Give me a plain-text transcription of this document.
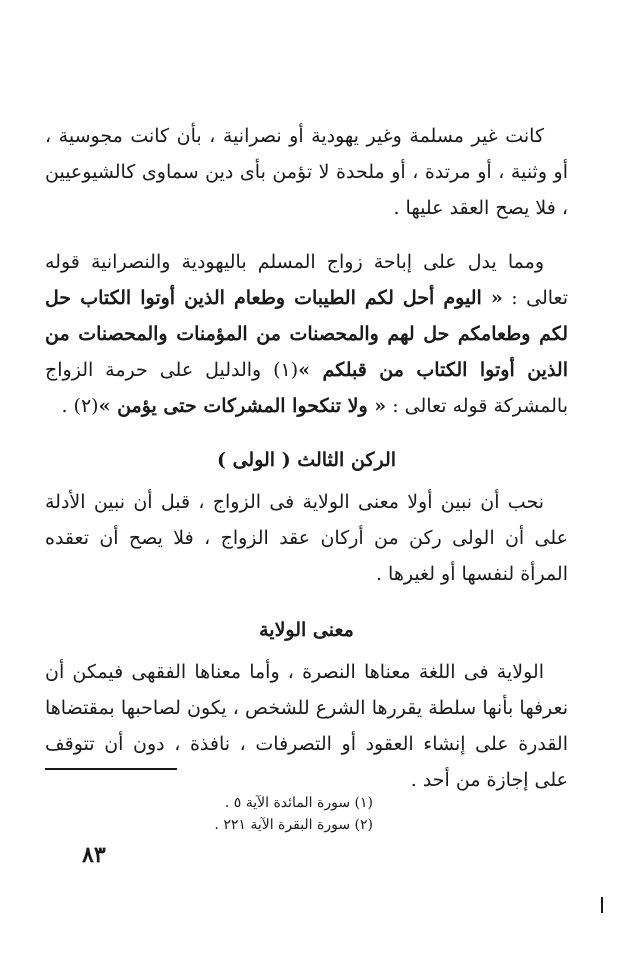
كانت غير مسلمة وغير يهودية أو نصرانية ، بأن كانت مجوسية ، أو وثنية ، أو مرتدة ، أو ملحدة لا تؤمن بأى دين سماوى كالشيوعيين ، فلا يصح العقد عليها .

ومما يدل على إباحة زواج المسلم باليهودية والنصرانية قوله تعالى : « اليوم أحل لكم الطيبات وطعام الذين أوتوا الكتاب حل لكم وطعامكم حل لهم والمحصنات من المؤمنات والمحصنات من الذين أوتوا الكتاب من قبلكم »(١) والدليل على حرمة الزواج بالمشركة قوله تعالى : « ولا تنكحوا المشركات حتى يؤمن »(٢) .

الركن الثالث ( الولى )

نحب أن نبين أولا معنى الولاية فى الزواج ، قبل أن نبين الأدلة على أن الولى ركن من أركان عقد الزواج ، فلا يصح أن تعقده المرأة لنفسها أو لغيرها .

معنى الولاية

الولاية فى اللغة معناها النصرة ، وأما معناها الفقهى فيمكن أن نعرفها بأنها سلطة يقررها الشرع للشخص ، يكون لصاحبها بمقتضاها القدرة على إنشاء العقود أو التصرفات ، نافذة ، دون أن تتوقف على إجازة من أحد .

(١) سورة المائدة الآية ٥ .
(٢) سورة البقرة الآية ٢٢١ .
٨٣
